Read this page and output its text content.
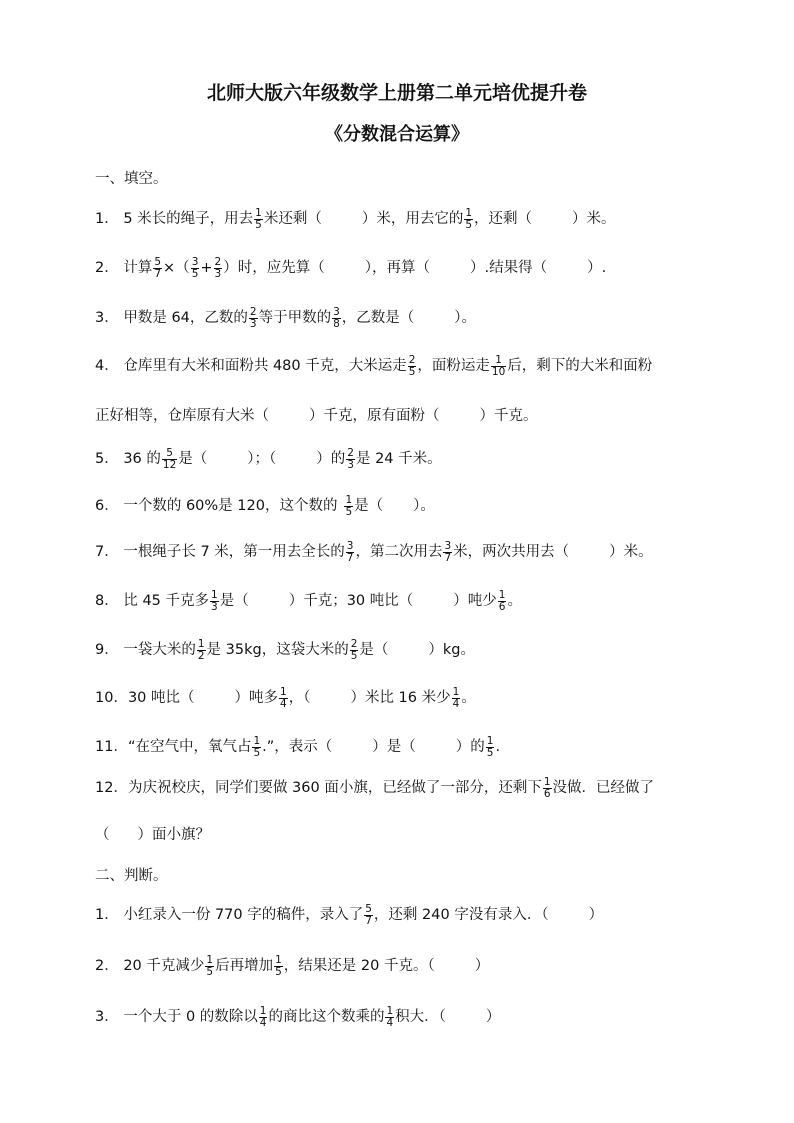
北师大版六年级数学上册第二单元培优提升卷
《分数混合运算》
一、填空。
1． 5 米长的绳子，用去 $\frac{1}{5}$ 米还剩（	）米，用去它的 $\frac{1}{5}$ ，还剩（	）米。
2． 计算 $\frac{5}{7}$ ×（ $\frac{3}{5} + \frac{2}{3}$ ）时，应先算（	），再算（	）.结果得（	）.
3． 甲数是 64，乙数的 $\frac{2}{3}$ 等于甲数的 $\frac{3}{8}$ ，乙数是（	）。
4． 仓库里有大米和面粉共 480 千克，大米运走 $\frac{2}{5}$ ，面粉运走 $\frac{1}{10}$ 后，剩下的大米和面粉
正好相等，仓库原有大米（	）千克，原有面粉（	）千克。
5． 36 的 $\frac{5}{12}$ 是（	）；（	）的 $\frac{2}{3}$ 是 24 千米。
6． 一个数的 60%是 120，这个数的 $\frac{1}{5}$ 是（ ）。
7． 一根绳子长 7 米，第一用去全长的 $\frac{3}{7}$ ，第二次用去 $\frac{3}{7}$ 米，两次共用去（	）米。
8． 比 45 千克多 $\frac{1}{3}$ 是（	）千克；30 吨比（	）吨少 $\frac{1}{6}$ 。
9． 一袋大米的 $\frac{1}{2}$ 是 35kg，这袋大米的 $\frac{2}{5}$ 是（	）kg。
10．30 吨比（	）吨多 $\frac{1}{4}$ ，（	）米比 16 米少 $\frac{1}{4}$ 。
11．“在空气中，氧气占 $\frac{1}{5}$ .”，表示（	）是（	）的 $\frac{1}{5}$ .
12．为庆祝校庆，同学们要做 360 面小旗，已经做了一部分，还剩下 $\frac{1}{6}$ 没做．已经做了
（ ）面小旗？
二、判断。
1． 小红录入一份 770 字的稿件，录入了 $\frac{5}{7}$ ，还剩 240 字没有录入．（	）
2． 20 千克减少 $\frac{1}{5}$ 后再增加 $\frac{1}{5}$ ，结果还是 20 千克。（	）
3． 一个大于 0 的数除以 $\frac{1}{4}$ 的商比这个数乘的 $\frac{1}{4}$ 积大．（	）
